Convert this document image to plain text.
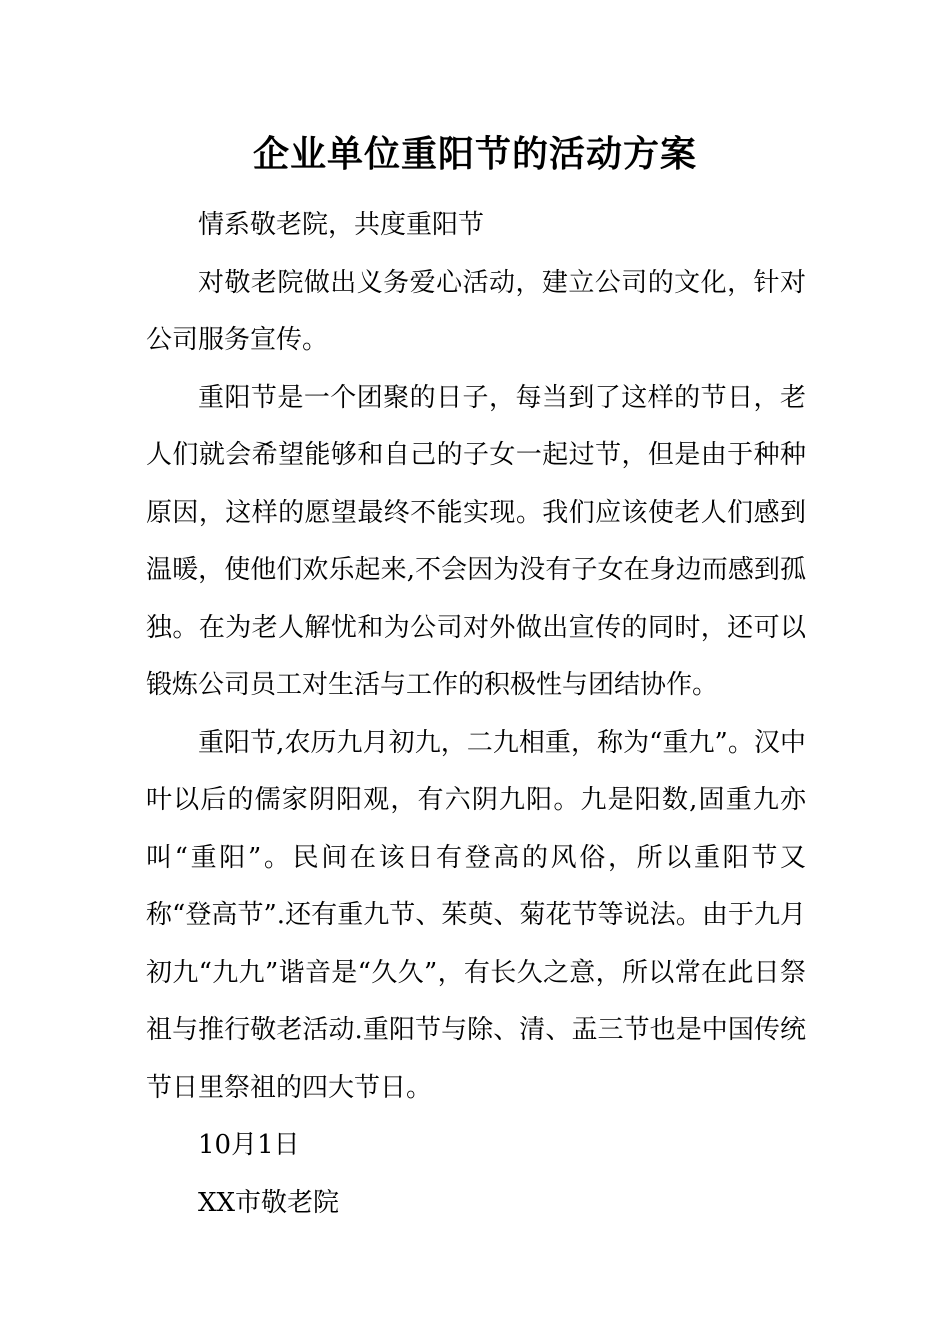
企业单位重阳节的活动方案

情系敬老院，共度重阳节

对敬老院做出义务爱心活动，建立公司的文化，针对公司服务宣传。

重阳节是一个团聚的日子，每当到了这样的节日，老人们就会希望能够和自己的子女一起过节，但是由于种种原因，这样的愿望最终不能实现。我们应该使老人们感到温暖，使他们欢乐起来,不会因为没有子女在身边而感到孤独。在为老人解忧和为公司对外做出宣传的同时，还可以锻炼公司员工对生活与工作的积极性与团结协作。

重阳节,农历九月初九，二九相重，称为“重九”。汉中叶以后的儒家阴阳观，有六阴九阳。九是阳数,固重九亦叫“重阳”。民间在该日有登高的风俗，所以重阳节又称“登高节”.还有重九节、茱萸、菊花节等说法。由于九月初九“九九”谐音是“久久”，有长久之意，所以常在此日祭祖与推行敬老活动.重阳节与除、清、盂三节也是中国传统节日里祭祖的四大节日。

10月1日

XX市敬老院
